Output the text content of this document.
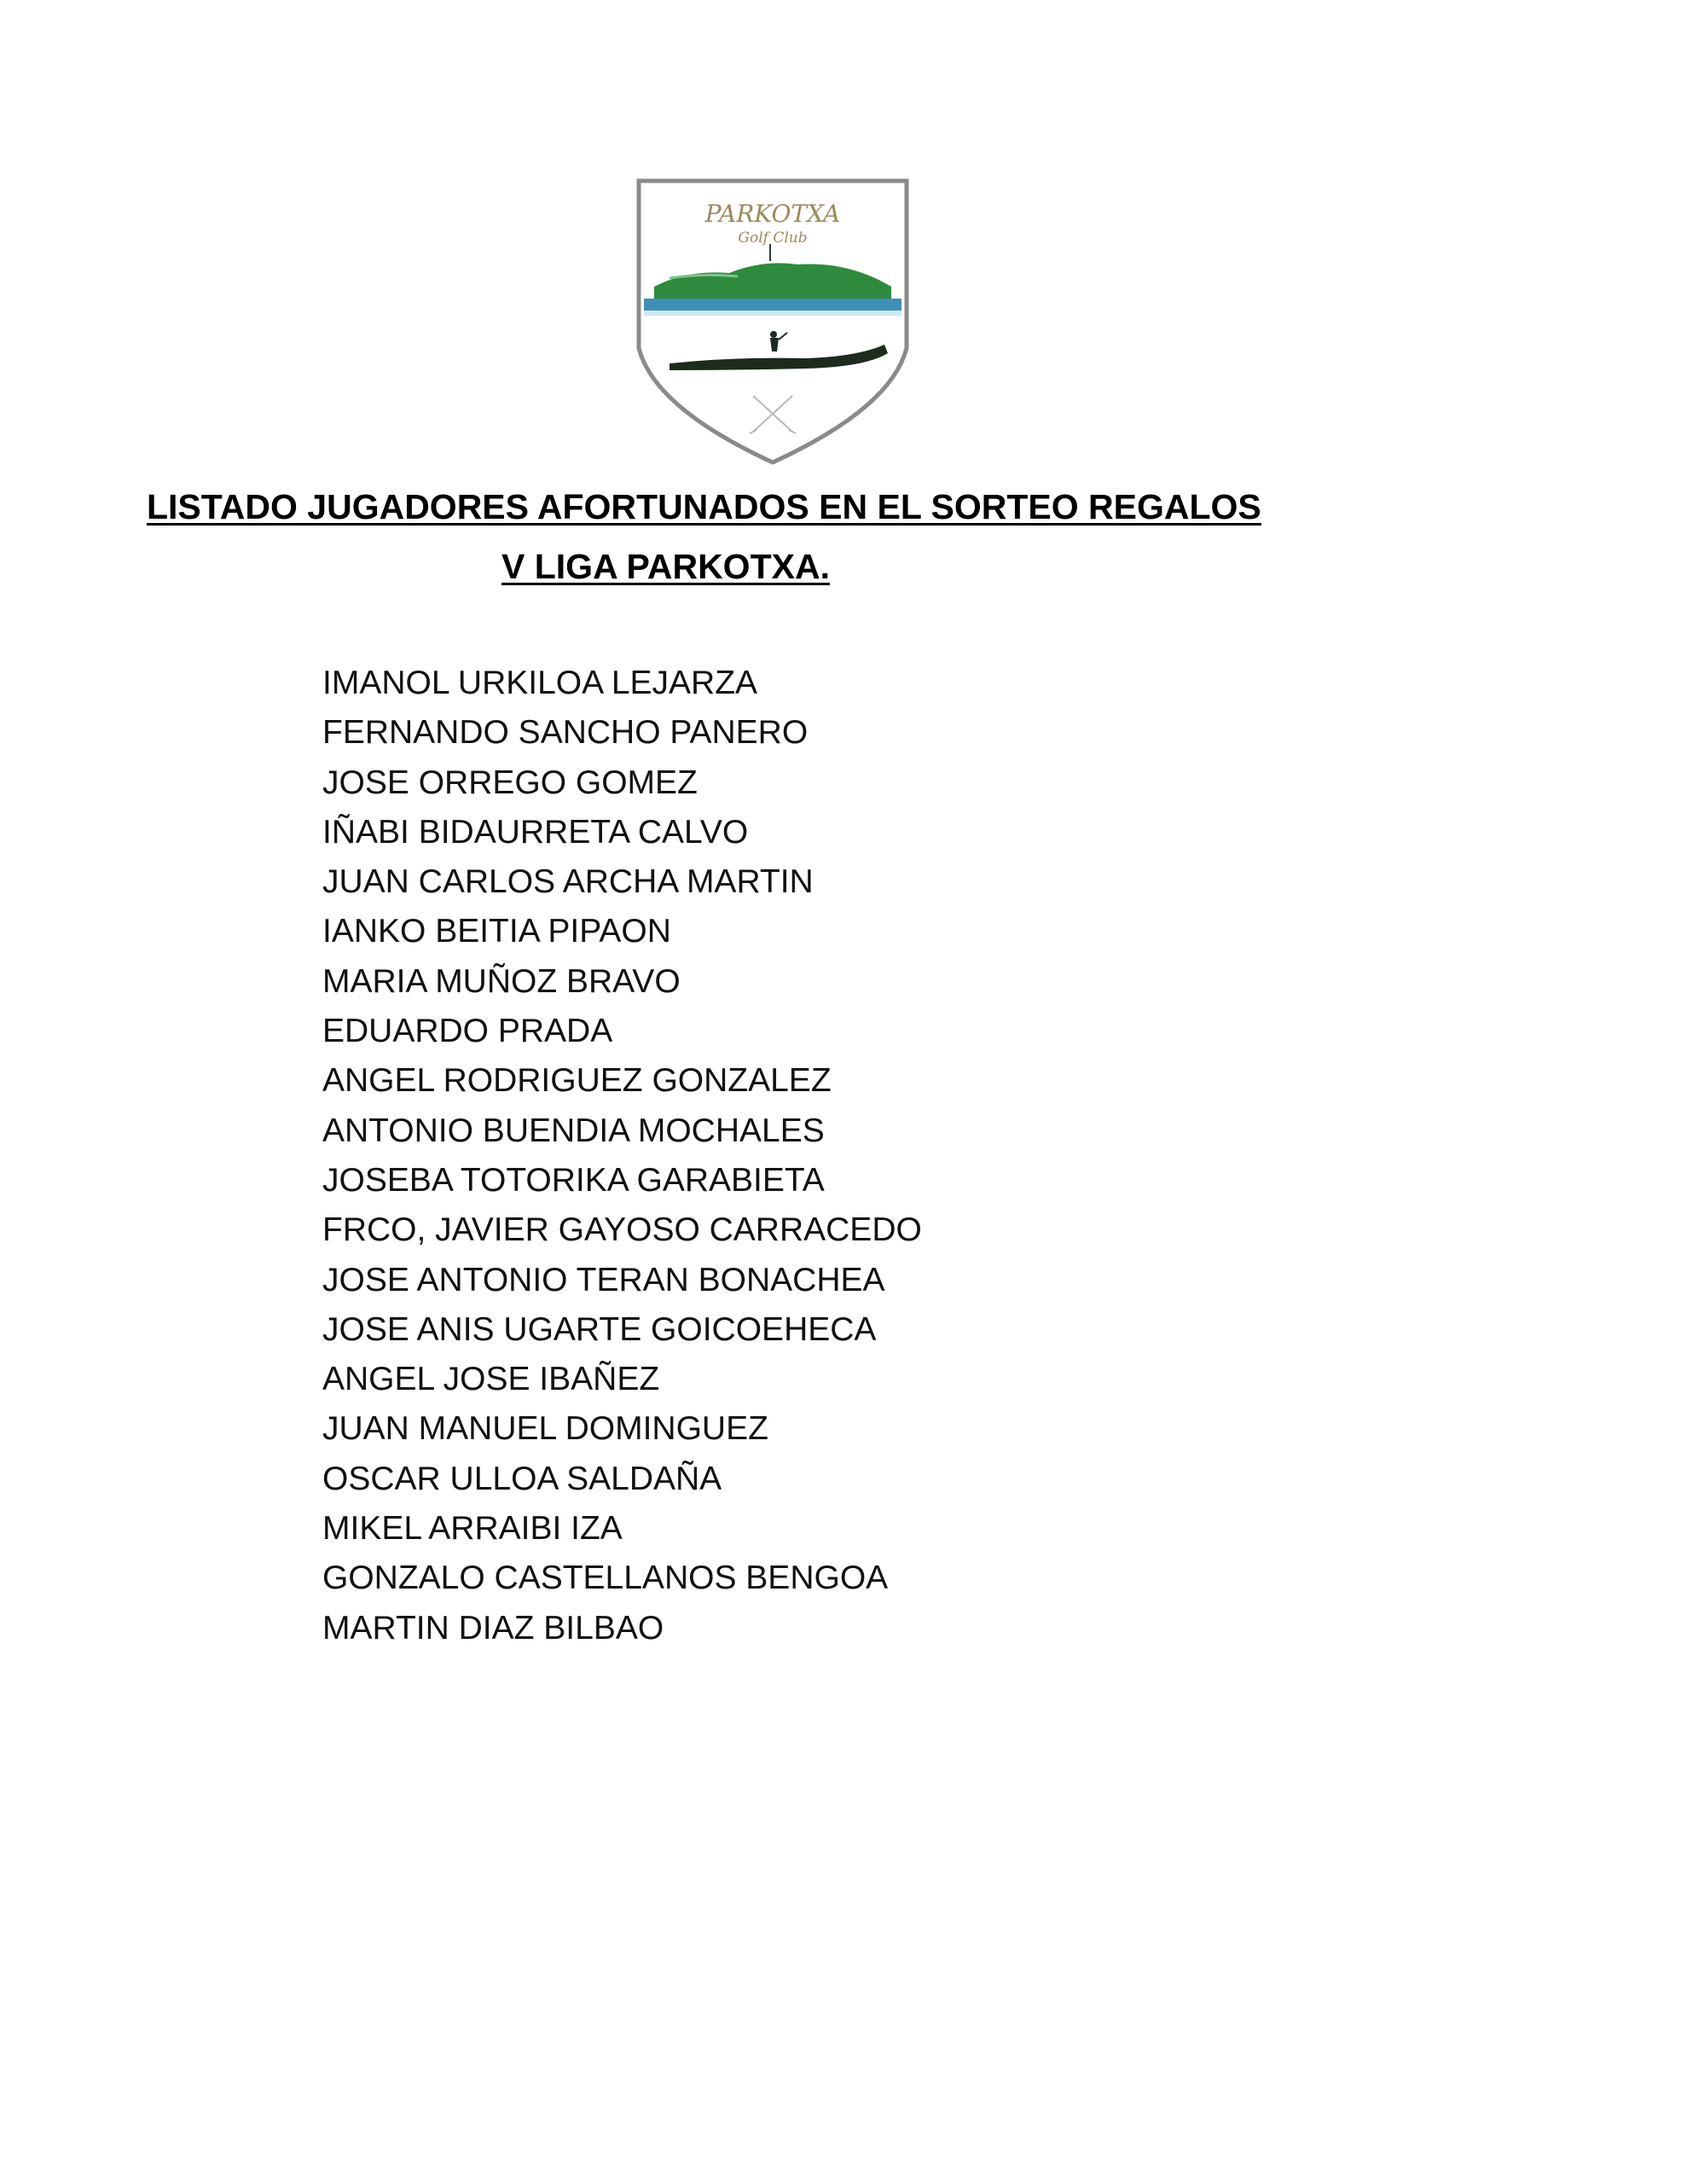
PARKOTXA
Golf Club
LISTADO JUGADORES AFORTUNADOS EN EL SORTEO REGALOS
V LIGA PARKOTXA.
IMANOL URKILOA LEJARZA
FERNANDO SANCHO PANERO
JOSE ORREGO GOMEZ
IÑABI BIDAURRETA CALVO
JUAN CARLOS ARCHA MARTIN
IANKO BEITIA PIPAON
MARIA MUÑOZ BRAVO
EDUARDO PRADA
ANGEL RODRIGUEZ GONZALEZ
ANTONIO BUENDIA MOCHALES
JOSEBA TOTORIKA GARABIETA
FRCO, JAVIER GAYOSO CARRACEDO
JOSE ANTONIO TERAN BONACHEA
JOSE ANIS UGARTE GOICOEHECA
ANGEL JOSE IBAÑEZ
JUAN MANUEL DOMINGUEZ
OSCAR ULLOA SALDAÑA
MIKEL ARRAIBI IZA
GONZALO CASTELLANOS BENGOA
MARTIN DIAZ BILBAO
